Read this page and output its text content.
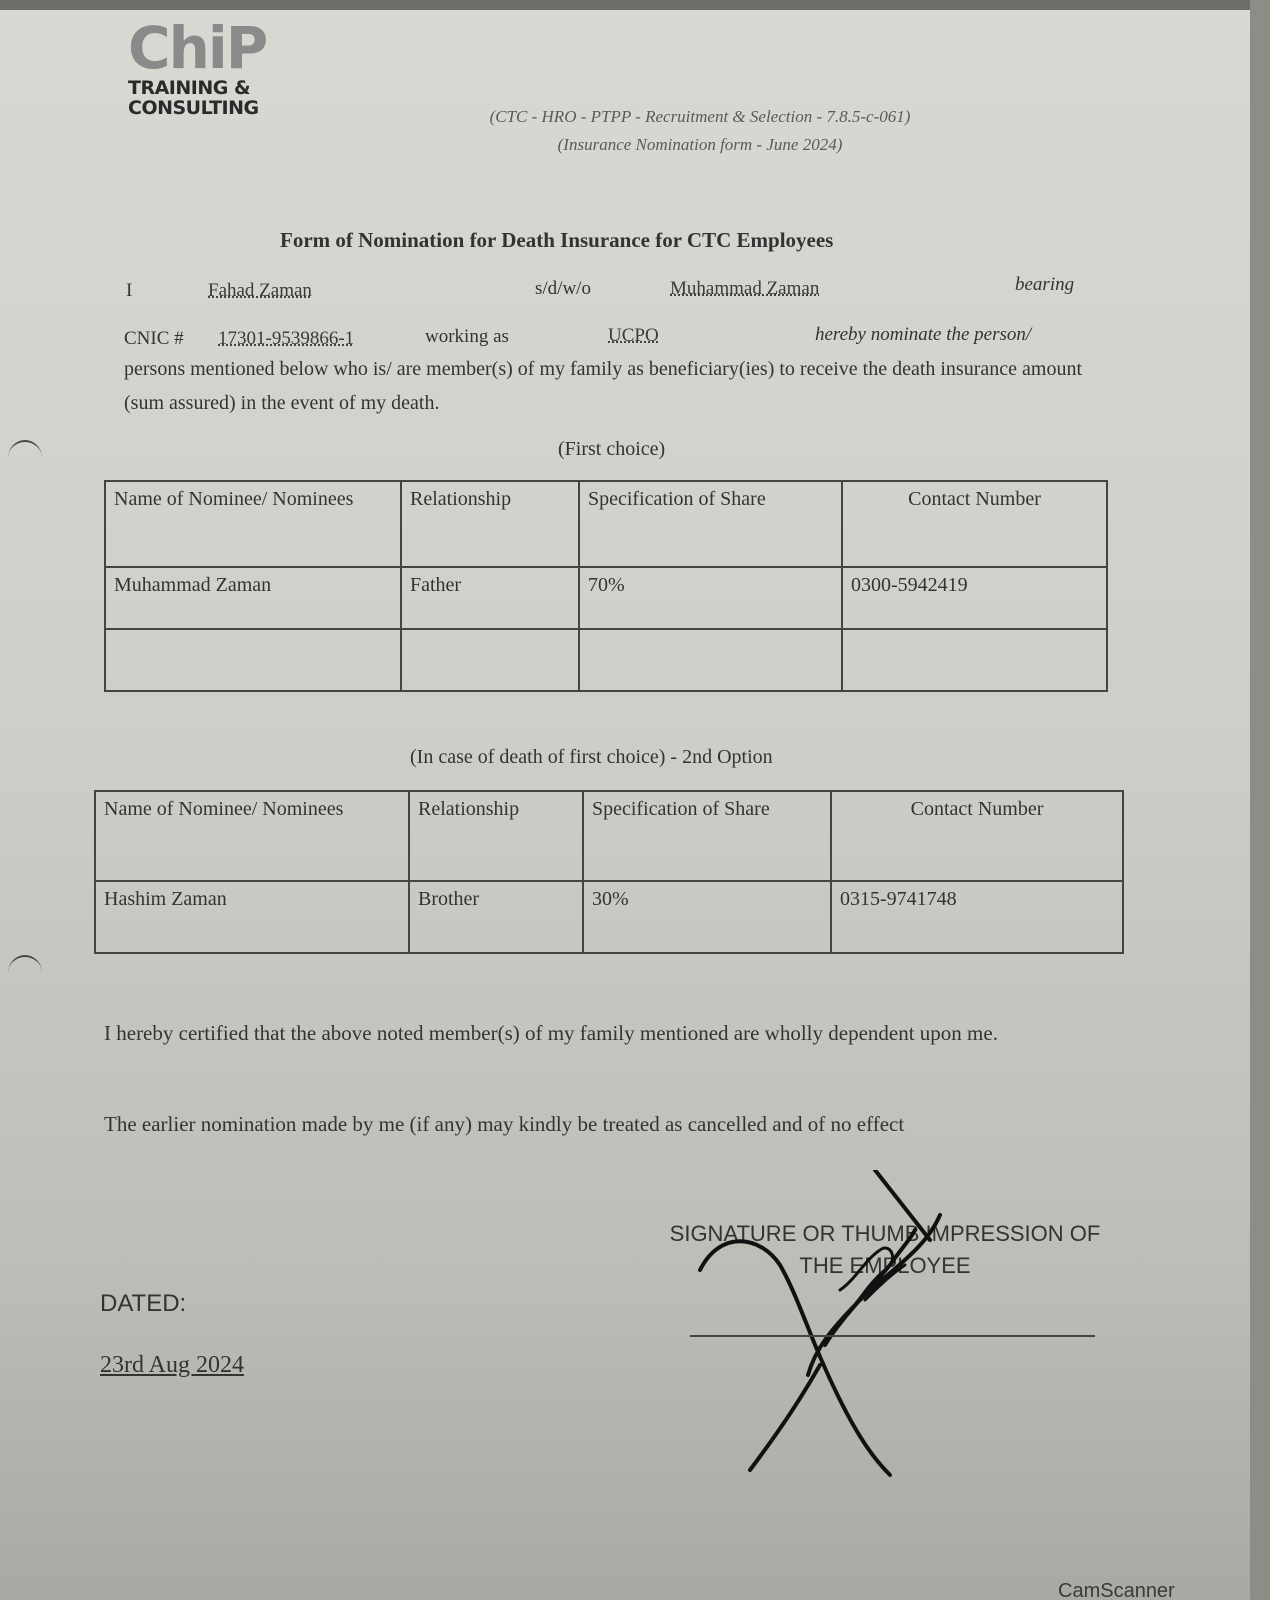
ChiP
TRAINING &
CONSULTING	(CTC - HRO - PTPP - Recruitment & Selection - 7.8.5-c-061)
(Insurance Nomination form - June 2024)
Form of Nomination for Death Insurance for CTC Employees
I	Fahad Zaman	s/d/w/o	Muhammad Zaman	bearing
CNIC # 17301-9539866-1	working as	UCPO	hereby nominate the person/
persons mentioned below who is/ are member(s) of my family as beneficiary(ies) to receive the death insurance amount (sum assured) in the event of my death.
(First choice)
Name of Nominee/ Nominees	Relationship	Specification of Share	Contact Number
Muhammad Zaman	Father	70%	0300-5942419

(In case of death of first choice) - 2nd Option
Name of Nominee/ Nominees	Relationship	Specification of Share	Contact Number
Hashim Zaman	Brother	30%	0315-9741748
I hereby certified that the above noted member(s) of my family mentioned are wholly dependent upon me.
The earlier nomination made by me (if any) may kindly be treated as cancelled and of no effect
SIGNATURE OR THUMB IMPRESSION OF
THE EMPLOYEE
DATED:
23rd Aug 2024
CamScanner
